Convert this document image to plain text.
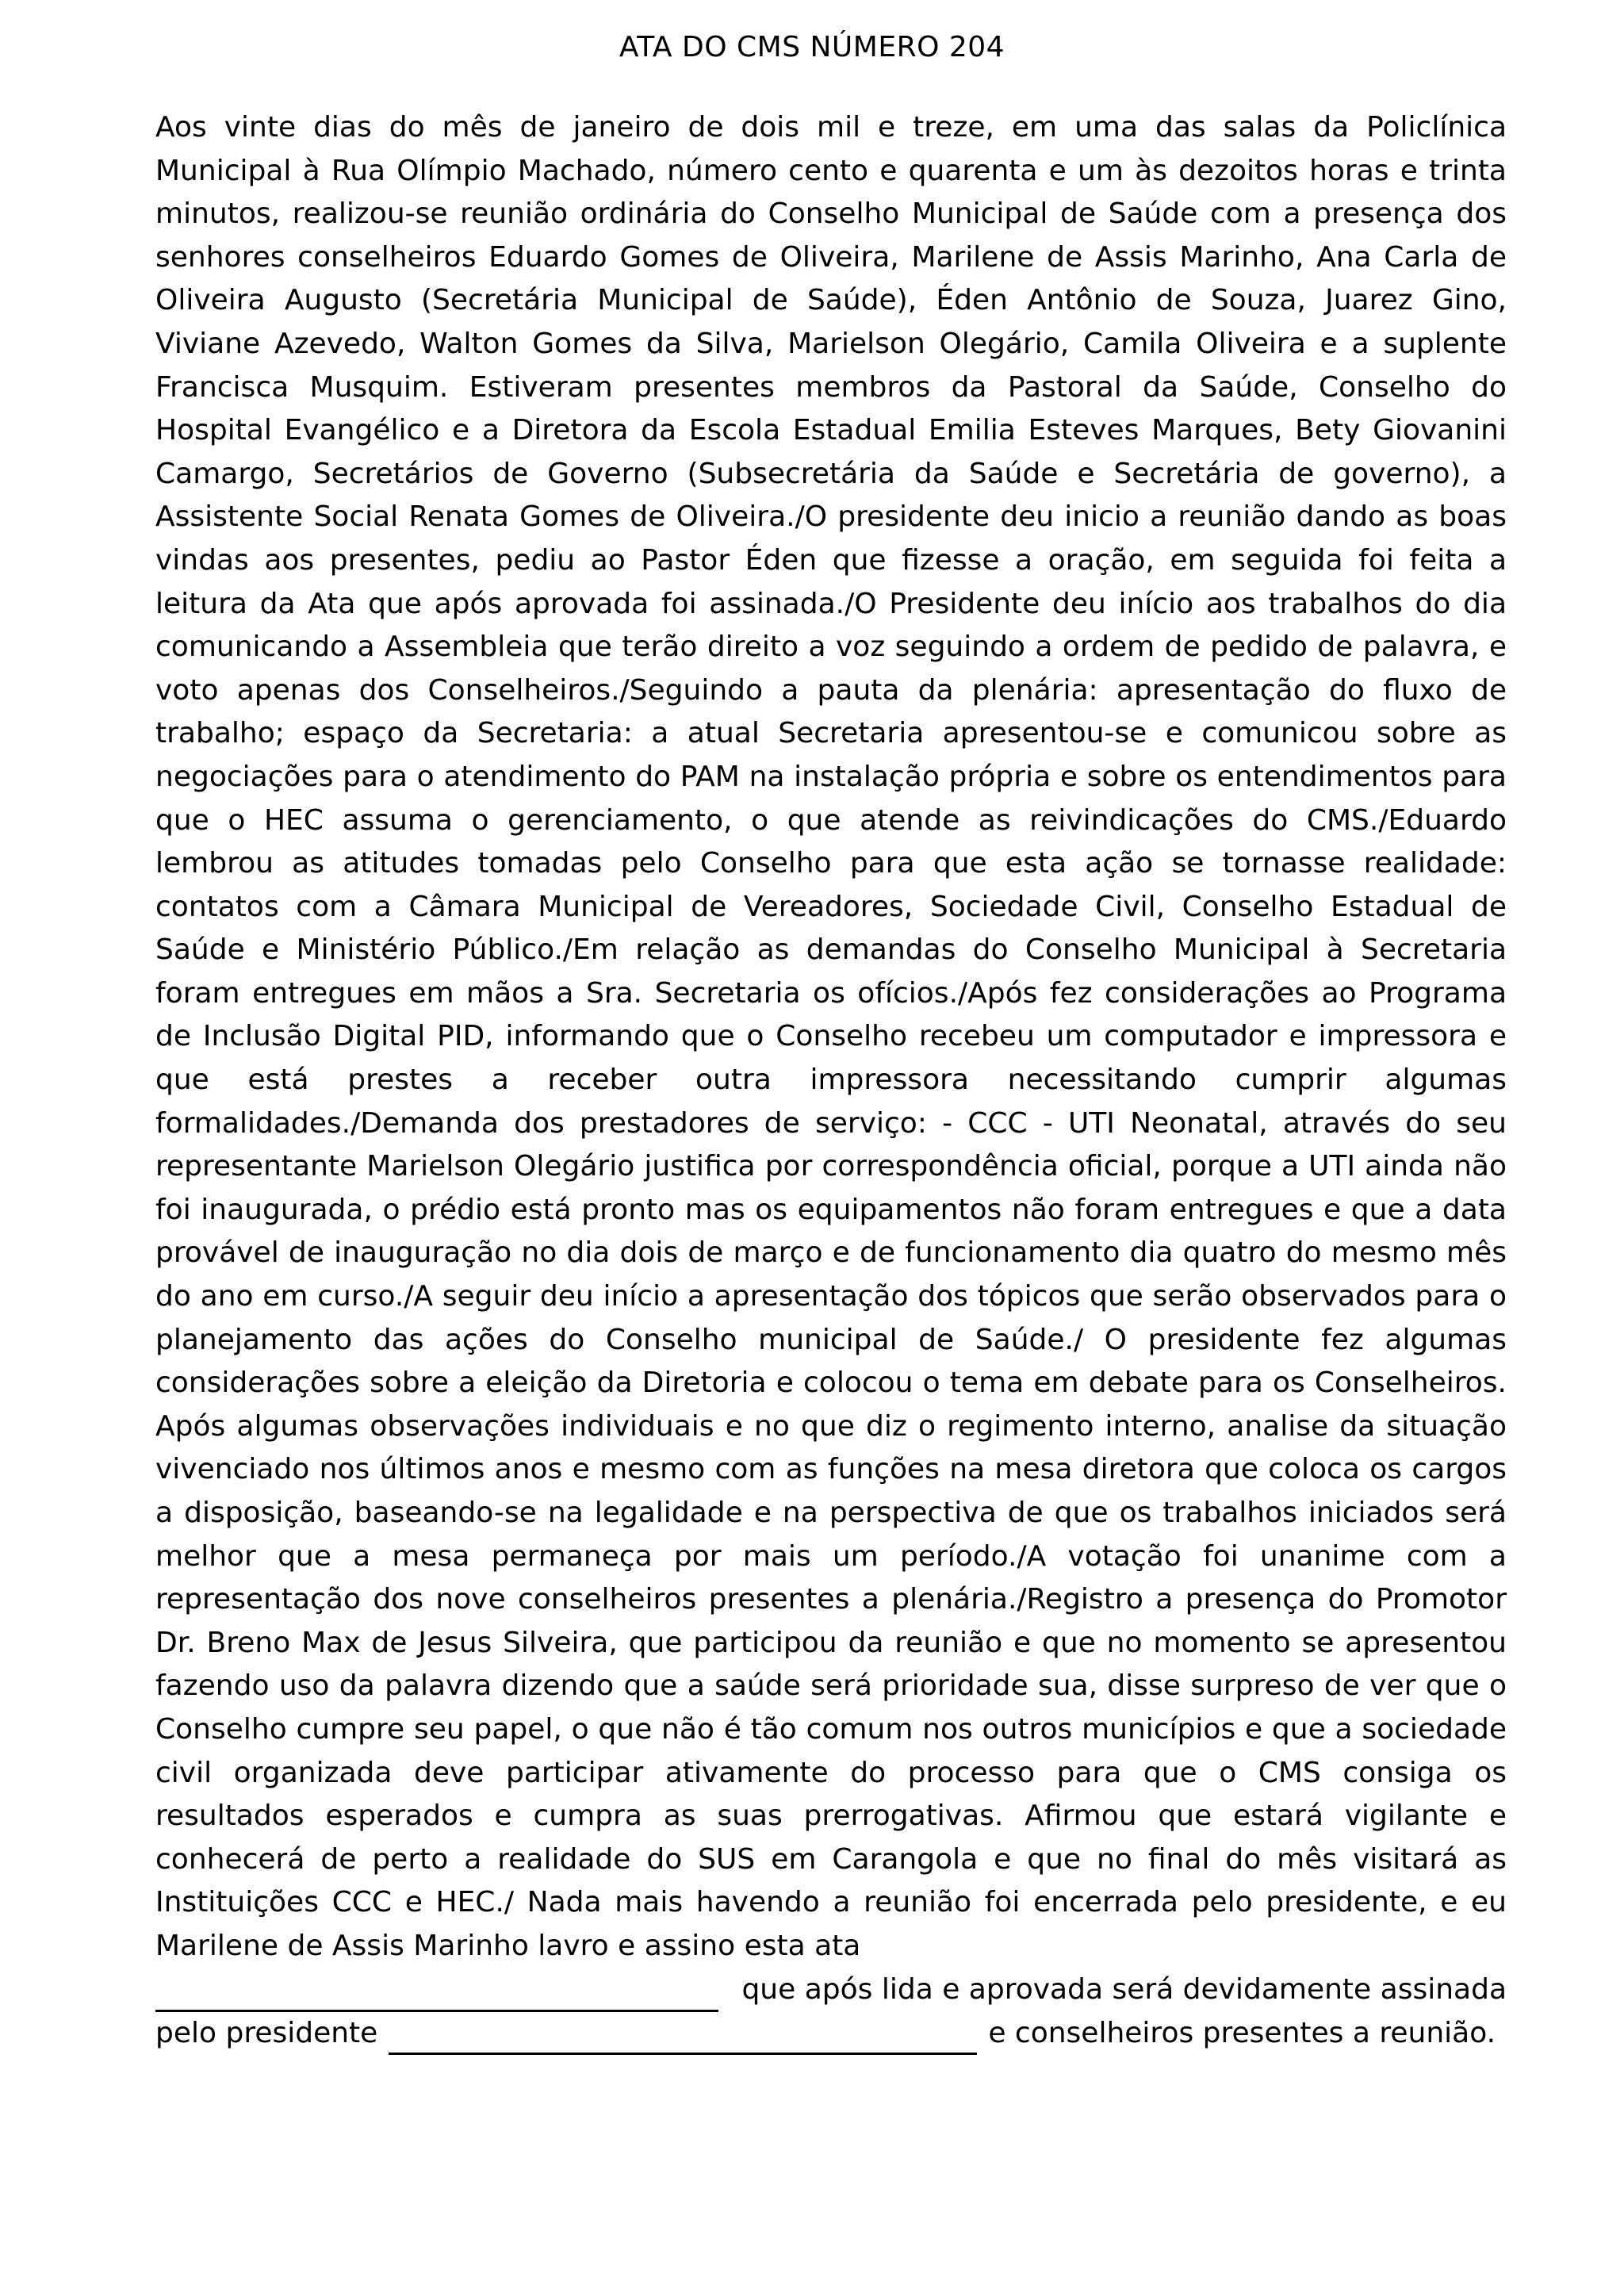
ATA DO CMS NÚMERO 204

Aos vinte dias do mês de janeiro de dois mil e treze, em uma das salas da Policlínica Municipal à Rua Olímpio Machado, número cento e quarenta e um às dezoitos horas e trinta minutos, realizou-se reunião ordinária do Conselho Municipal de Saúde com a presença dos senhores conselheiros Eduardo Gomes de Oliveira, Marilene de Assis Marinho, Ana Carla de Oliveira Augusto (Secretária Municipal de Saúde), Éden Antônio de Souza, Juarez Gino, Viviane Azevedo, Walton Gomes da Silva, Marielson Olegário, Camila Oliveira e a suplente Francisca Musquim. Estiveram presentes membros da Pastoral da Saúde, Conselho do Hospital Evangélico e a Diretora da Escola Estadual Emilia Esteves Marques, Bety Giovanini Camargo, Secretários de Governo (Subsecretária da Saúde e Secretária de governo), a Assistente Social Renata Gomes de Oliveira./O presidente deu inicio a reunião dando as boas vindas aos presentes, pediu ao Pastor Éden que fizesse a oração, em seguida foi feita a leitura da Ata que após aprovada foi assinada./O Presidente deu início aos trabalhos do dia comunicando a Assembleia que terão direito a voz seguindo a ordem de pedido de palavra, e voto apenas dos Conselheiros./Seguindo a pauta da plenária: apresentação do fluxo de trabalho; espaço da Secretaria: a atual Secretaria apresentou-se e comunicou sobre as negociações para o atendimento do PAM na instalação própria e sobre os entendimentos para que o HEC assuma o gerenciamento, o que atende as reivindicações do CMS./Eduardo lembrou as atitudes tomadas pelo Conselho para que esta ação se tornasse realidade: contatos com a Câmara Municipal de Vereadores, Sociedade Civil, Conselho Estadual de Saúde e Ministério Público./Em relação as demandas do Conselho Municipal à Secretaria foram entregues em mãos a Sra. Secretaria os ofícios./Após fez considerações ao Programa de Inclusão Digital PID, informando que o Conselho recebeu um computador e impressora e que está prestes a receber outra impressora necessitando cumprir algumas formalidades./Demanda dos prestadores de serviço: - CCC - UTI Neonatal, através do seu representante Marielson Olegário justifica por correspondência oficial, porque a UTI ainda não foi inaugurada, o prédio está pronto mas os equipamentos não foram entregues e que a data provável de inauguração no dia dois de março e de funcionamento dia quatro do mesmo mês do ano em curso./A seguir deu início a apresentação dos tópicos que serão observados para o planejamento das ações do Conselho municipal de Saúde./ O presidente fez algumas considerações sobre a eleição da Diretoria e colocou o tema em debate para os Conselheiros. Após algumas observações individuais e no que diz o regimento interno, analise da situação vivenciado nos últimos anos e mesmo com as funções na mesa diretora que coloca os cargos a disposição, baseando-se na legalidade e na perspectiva de que os trabalhos iniciados será melhor que a mesa permaneça por mais um período./A votação foi unanime com a representação dos nove conselheiros presentes a plenária./Registro a presença do Promotor Dr. Breno Max de Jesus Silveira, que participou da reunião e que no momento se apresentou fazendo uso da palavra dizendo que a saúde será prioridade sua, disse surpreso de ver que o Conselho cumpre seu papel, o que não é tão comum nos outros municípios e que a sociedade civil organizada deve participar ativamente do processo para que o CMS consiga os resultados esperados e cumpra as suas prerrogativas. Afirmou que estará vigilante e conhecerá de perto a realidade do SUS em Carangola e que no final do mês visitará as Instituições CCC e HEC./ Nada mais havendo a reunião foi encerrada pelo presidente, e eu Marilene de Assis Marinho lavro e assino esta ata

que após lida e aprovada será devidamente assinada
pelo presidente	e conselheiros presentes a reunião.
